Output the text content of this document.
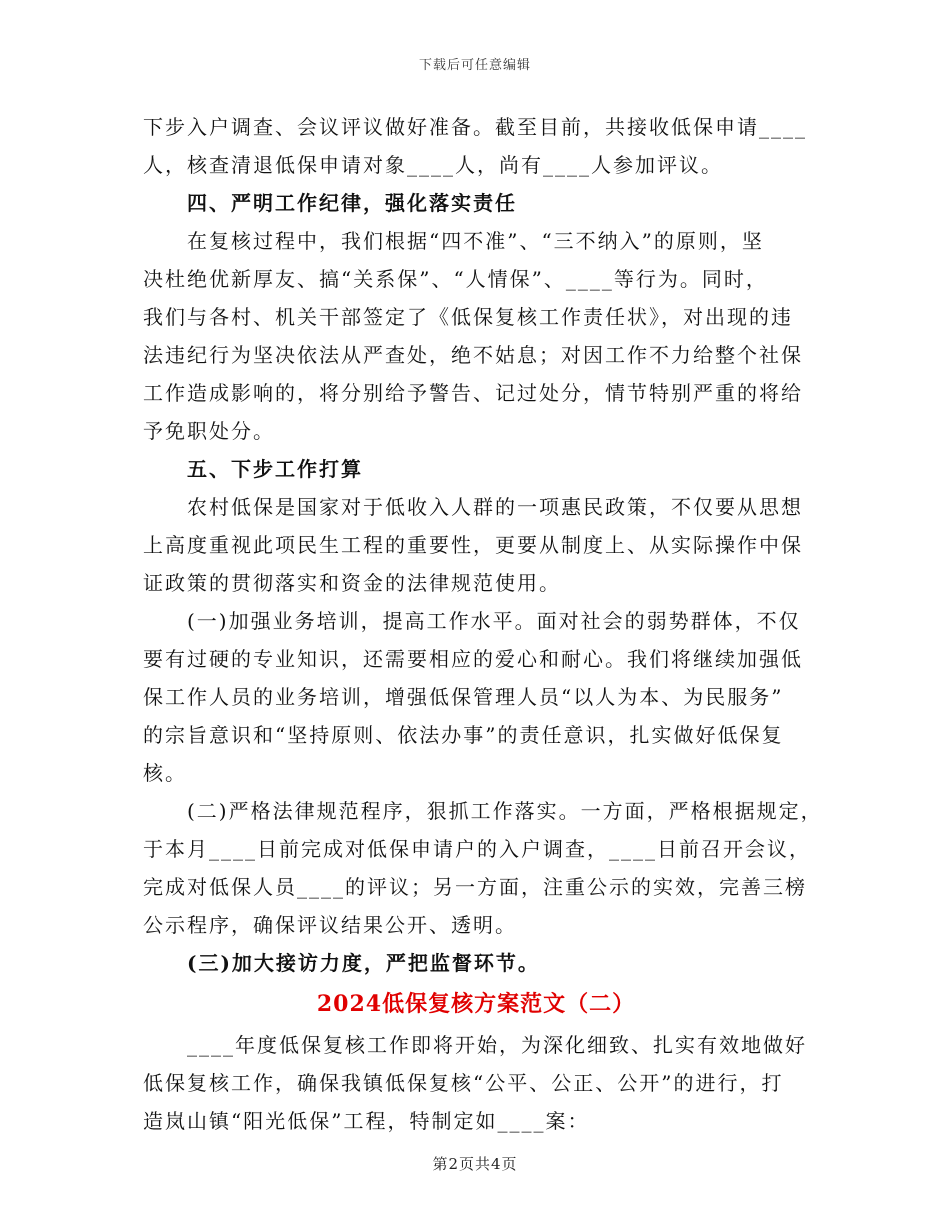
下载后可任意编辑
下步入户调查、会议评议做好准备。截至目前，共接收低保申请____
人，核查清退低保申请对象____人，尚有____人参加评议。
四、严明工作纪律，强化落实责任
在复核过程中，我们根据“四不准”、“三不纳入”的原则，坚
决杜绝优新厚友、搞“关系保”、“人情保”、____等行为。同时，
我们与各村、机关干部签定了《低保复核工作责任状》，对出现的违
法违纪行为坚决依法从严查处，绝不姑息；对因工作不力给整个社保
工作造成影响的，将分别给予警告、记过处分，情节特别严重的将给
予免职处分。
五、下步工作打算
农村低保是国家对于低收入人群的一项惠民政策，不仅要从思想
上高度重视此项民生工程的重要性，更要从制度上、从实际操作中保
证政策的贯彻落实和资金的法律规范使用。
(一)加强业务培训，提高工作水平。面对社会的弱势群体，不仅
要有过硬的专业知识，还需要相应的爱心和耐心。我们将继续加强低
保工作人员的业务培训，增强低保管理人员“以人为本、为民服务”
的宗旨意识和“坚持原则、依法办事”的责任意识，扎实做好低保复
核。
(二)严格法律规范程序，狠抓工作落实。一方面，严格根据规定，
于本月____日前完成对低保申请户的入户调查，____日前召开会议，
完成对低保人员____的评议；另一方面，注重公示的实效，完善三榜
公示程序，确保评议结果公开、透明。
(三)加大接访力度，严把监督环节。
2024低保复核方案范文（二）
____年度低保复核工作即将开始，为深化细致、扎实有效地做好
低保复核工作，确保我镇低保复核“公平、公正、公开”的进行，打
造岚山镇“阳光低保”工程，特制定如____案：
第2页共4页
